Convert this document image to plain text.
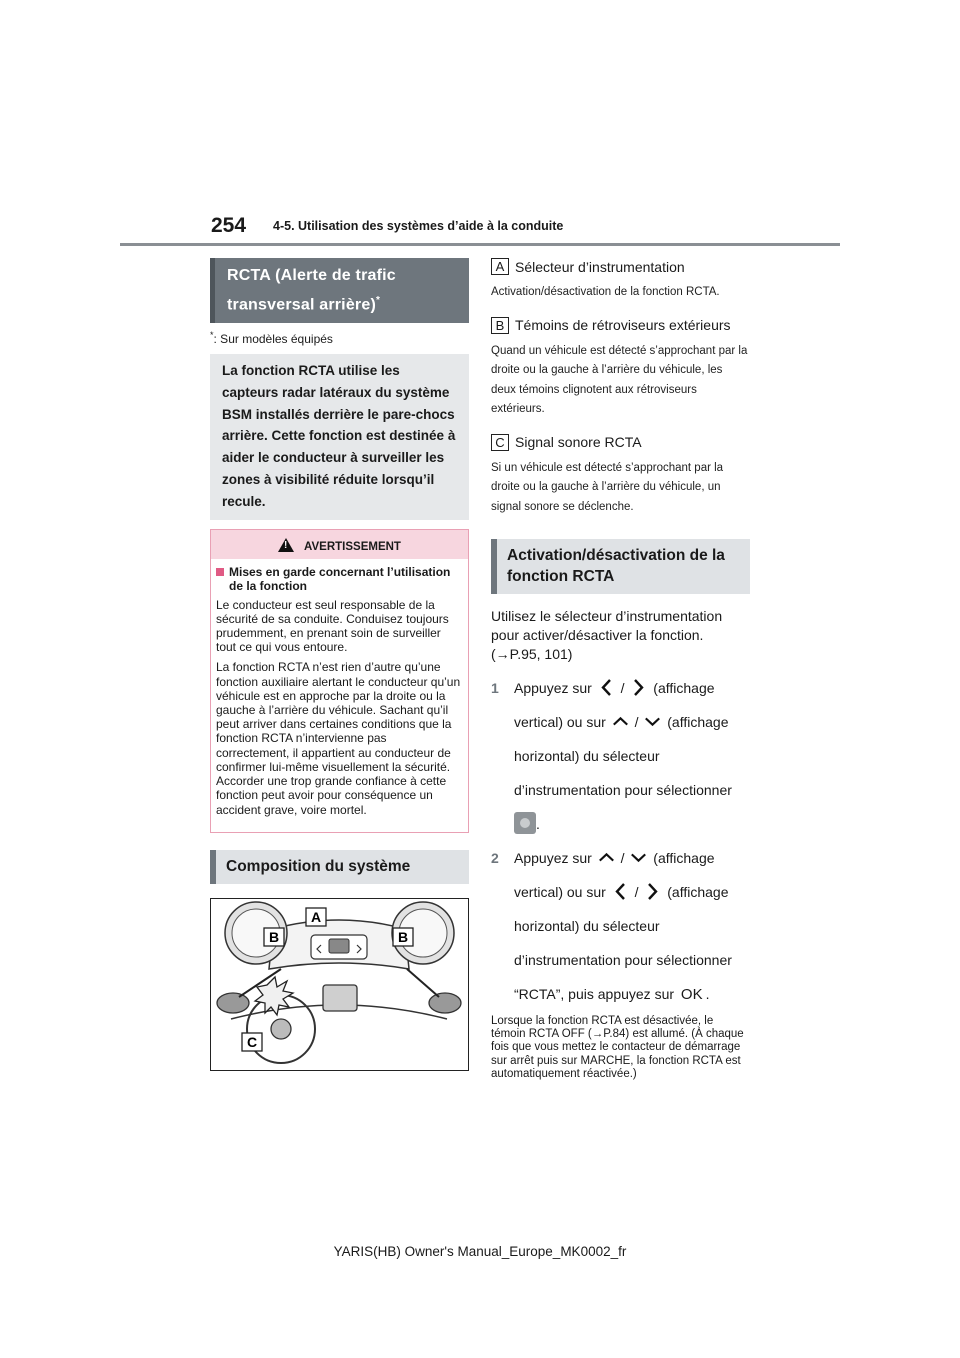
254 4-5. Utilisation des systèmes d’aide à la conduite
RCTA (Alerte de trafic
transversal arrière)*
*: Sur modèles équipés
La fonction RCTA utilise les capteurs radar latéraux du système BSM installés derrière le pare-chocs arrière. Cette fonction est destinée à aider le conducteur à surveiller les zones à visibilité réduite lorsqu’il recule.
!AVERTISSEMENT
Mises en garde concernant l’utilisation de la fonction

Le conducteur est seul responsable de la sécurité de sa conduite. Conduisez toujours prudemment, en prenant soin de surveiller tout ce qui vous entoure.

La fonction RCTA n’est rien d’autre qu’une fonction auxiliaire alertant le conducteur qu’un véhicule est en approche par la droite ou la gauche à l’arrière du véhicule. Sachant qu’il peut arriver dans certaines conditions que la fonction RCTA n’intervienne pas correctement, il appartient au conducteur de confirmer lui-même visuellement la sécurité. Accorder une trop grande confiance à cette fonction peut avoir pour conséquence un accident grave, voire mortel.

Composition du système
A
B	B
C
A Sélecteur d’instrumentation
Activation/désactivation de la fonction RCTA.
B Témoins de rétroviseurs extérieurs
Quand un véhicule est détecté s’approchant par la droite ou la gauche à l’arrière du véhicule, les deux témoins clignotent aux rétroviseurs extérieurs.
C Signal sonore RCTA
Si un véhicule est détecté s’approchant par la droite ou la gauche à l’arrière du véhicule, un signal sonore se déclenche.
Activation/désactivation de la fonction RCTA
Utilisez le sélecteur d’instrumentation pour activer/désactiver la fonction. (→P.95, 101)
1	Appuyez sur / (affichage vertical) ou sur / (affichage horizontal) du sélecteur d’instrumentation pour sélectionner .
2	Appuyez sur / (affichage vertical) ou sur / (affichage horizontal) du sélecteur d’instrumentation pour sélectionner “RCTA”, puis appuyez sur OK .
Lorsque la fonction RCTA est désactivée, le témoin RCTA OFF (→P.84) est allumé. (À chaque fois que vous mettez le contacteur de démarrage sur arrêt puis sur MARCHE, la fonction RCTA est automatiquement réactivée.)
YARIS(HB) Owner's Manual_Europe_MK0002_fr
